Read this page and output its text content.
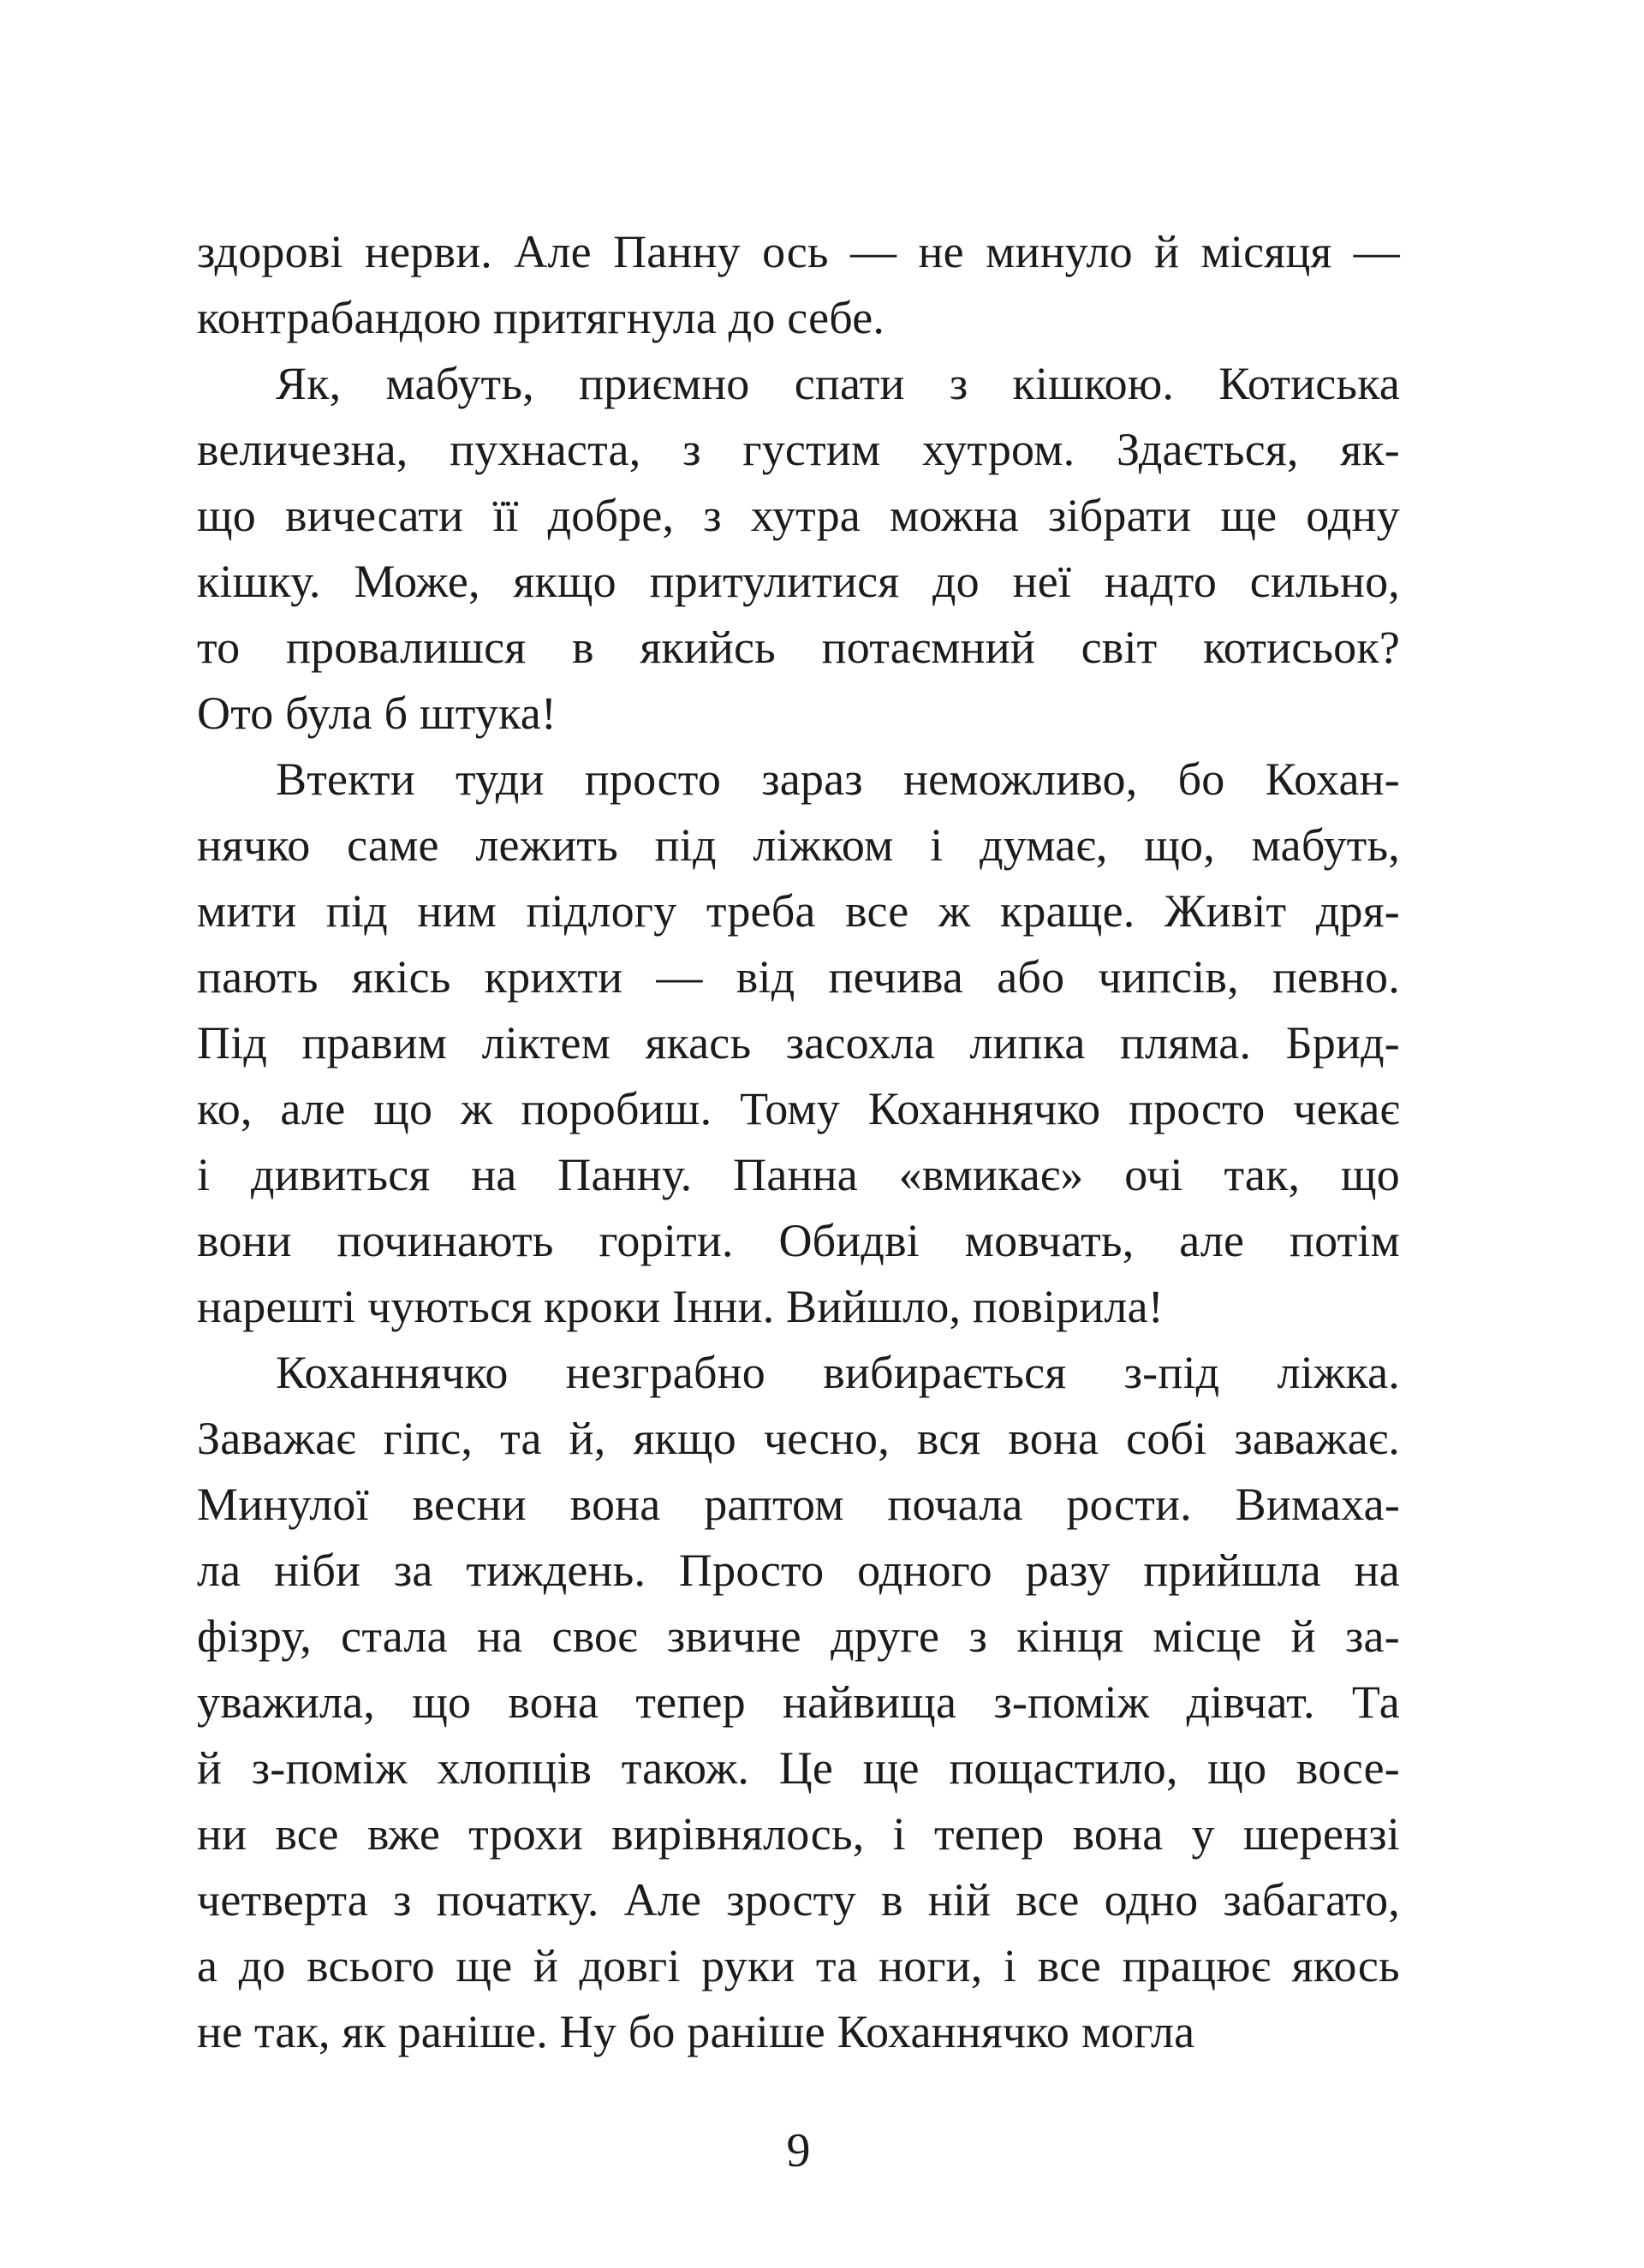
здорові нерви. Але Панну ось — не минуло й місяця —
контрабандою притягнула до себе.
Як, мабуть, приємно спати з кішкою. Котиська
величезна, пухнаста, з густим хутром. Здається, як-
що вичесати її добре, з хутра можна зібрати ще одну
кішку. Може, якщо притулитися до неї надто сильно,
то провалишся в якийсь потаємний світ котисьок?
Ото була б штука!
Втекти туди просто зараз неможливо, бо Кохан-
нячко саме лежить під ліжком і думає, що, мабуть,
мити під ним підлогу треба все ж краще. Живіт дря-
пають якісь крихти — від печива або чипсів, певно.
Під правим ліктем якась засохла липка пляма. Брид-
ко, але що ж поробиш. Тому Коханнячко просто чекає
і дивиться на Панну. Панна «вмикає» очі так, що
вони починають горіти. Обидві мовчать, але потім
нарешті чуються кроки Інни. Вийшло, повірила!
Коханнячко незграбно вибирається з-під ліжка.
Заважає гіпс, та й, якщо чесно, вся вона собі заважає.
Минулої весни вона раптом почала рости. Вимаха-
ла ніби за тиждень. Просто одного разу прийшла на
фізру, стала на своє звичне друге з кінця місце й за-
уважила, що вона тепер найвища з-поміж дівчат. Та
й з-поміж хлопців також. Це ще пощастило, що восе-
ни все вже трохи вирівнялось, і тепер вона у шерензі
четверта з початку. Але зросту в ній все одно забагато,
а до всього ще й довгі руки та ноги, і все працює якось
не так, як раніше. Ну бо раніше Коханнячко могла
9
